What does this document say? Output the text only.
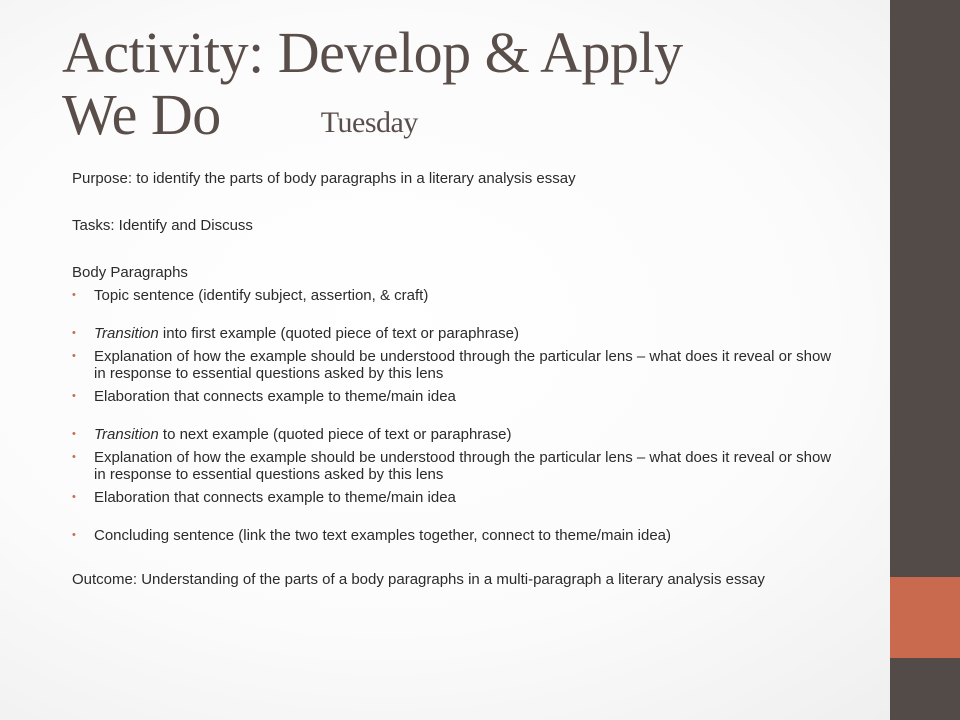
Activity: Develop & Apply
We Do	Tuesday

Purpose: to identify the parts of body paragraphs in a literary analysis essay

Tasks: Identify and Discuss

Body Paragraphs

• Topic sentence (identify subject, assertion, & craft)
• Transition into first example (quoted piece of text or paraphrase)
• Explanation of how the example should be understood through the particular lens – what does it reveal or show in response to essential questions asked by this lens
• Elaboration that connects example to theme/main idea
• Transition to next example (quoted piece of text or paraphrase)
• Explanation of how the example should be understood through the particular lens – what does it reveal or show in response to essential questions asked by this lens
• Elaboration that connects example to theme/main idea
• Concluding sentence (link the two text examples together, connect to theme/main idea)

Outcome: Understanding of the parts of a body paragraphs in a multi-paragraph a literary analysis essay
